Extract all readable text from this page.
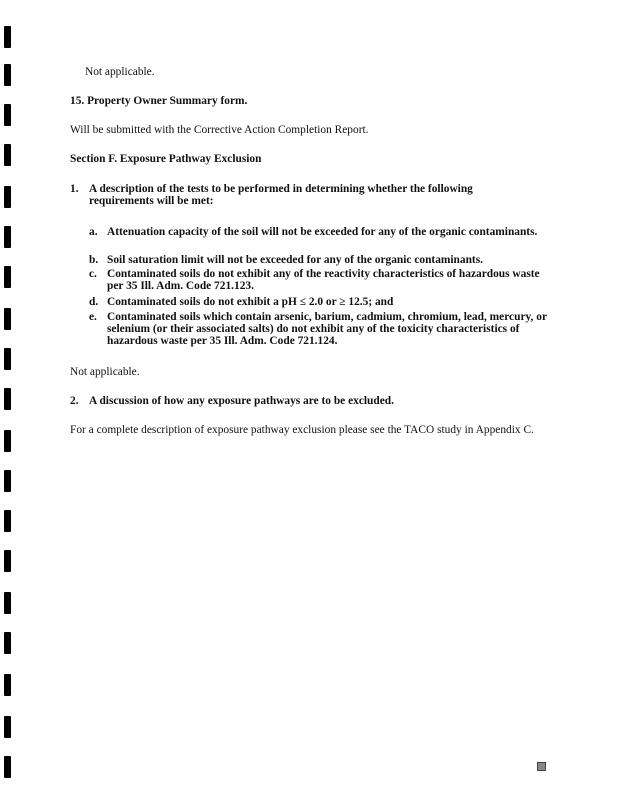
Not applicable.

15. Property Owner Summary form.

Will be submitted with the Corrective Action Completion Report.

Section F. Exposure Pathway Exclusion

1. A description of the tests to be performed in determining whether the following requirements will be met:
a. Attenuation capacity of the soil will not be exceeded for any of the organic contaminants.
b. Soil saturation limit will not be exceeded for any of the organic contaminants.
c. Contaminated soils do not exhibit any of the reactivity characteristics of hazardous waste per 35 Ill. Adm. Code 721.123.
d. Contaminated soils do not exhibit a pH ≤ 2.0 or ≥ 12.5; and
e. Contaminated soils which contain arsenic, barium, cadmium, chromium, lead, mercury, or selenium (or their associated salts) do not exhibit any of the toxicity characteristics of hazardous waste per 35 Ill. Adm. Code 721.124.

Not applicable.

2. A discussion of how any exposure pathways are to be excluded.

For a complete description of exposure pathway exclusion please see the TACO study in Appendix C.
